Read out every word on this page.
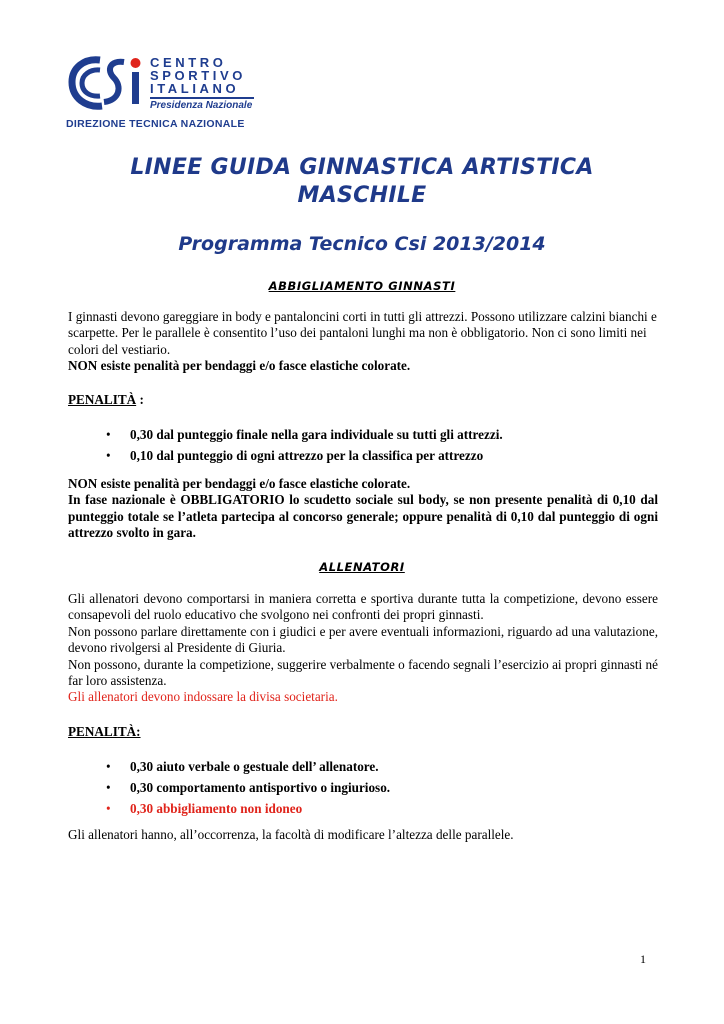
CENTRO
SPORTIVO
ITALIANO
Presidenza Nazionale
DIREZIONE TECNICA NAZIONALE
LINEE GUIDA GINNASTICA ARTISTICA
MASCHILE
Programma Tecnico Csi 2013/2014
ABBIGLIAMENTO GINNASTI
I ginnasti devono gareggiare in body e pantaloncini corti in tutti gli attrezzi. Possono utilizzare calzini bianchi e scarpette. Per le parallele è consentito l’uso dei pantaloni lunghi ma non è obbligatorio. Non ci sono limiti nei colori del vestiario.
NON esiste penalità per bendaggi e/o fasce elastiche colorate.
PENALITÀ :
• 0,30 dal punteggio finale nella gara individuale su tutti gli attrezzi.
• 0,10 dal punteggio di ogni attrezzo per la classifica per attrezzo
NON esiste penalità per bendaggi e/o fasce elastiche colorate.
In fase nazionale è OBBLIGATORIO lo scudetto sociale sul body, se non presente penalità di 0,10 dal punteggio totale se l’atleta partecipa al concorso generale; oppure penalità di 0,10 dal punteggio di ogni attrezzo svolto in gara.
ALLENATORI
Gli allenatori devono comportarsi in maniera corretta e sportiva durante tutta la competizione, devono essere consapevoli del ruolo educativo che svolgono nei confronti dei propri ginnasti.
Non possono parlare direttamente con i giudici e per avere eventuali informazioni, riguardo ad una valutazione, devono rivolgersi al Presidente di Giuria.
Non possono, durante la competizione, suggerire verbalmente o facendo segnali l’esercizio ai propri ginnasti né far loro assistenza.
Gli allenatori devono indossare la divisa societaria.
PENALITÀ:
• 0,30 aiuto verbale o gestuale dell’ allenatore.
• 0,30 comportamento antisportivo o ingiurioso.
• 0,30 abbigliamento non idoneo
Gli allenatori hanno, all’occorrenza, la facoltà di modificare l’altezza delle parallele.
1
